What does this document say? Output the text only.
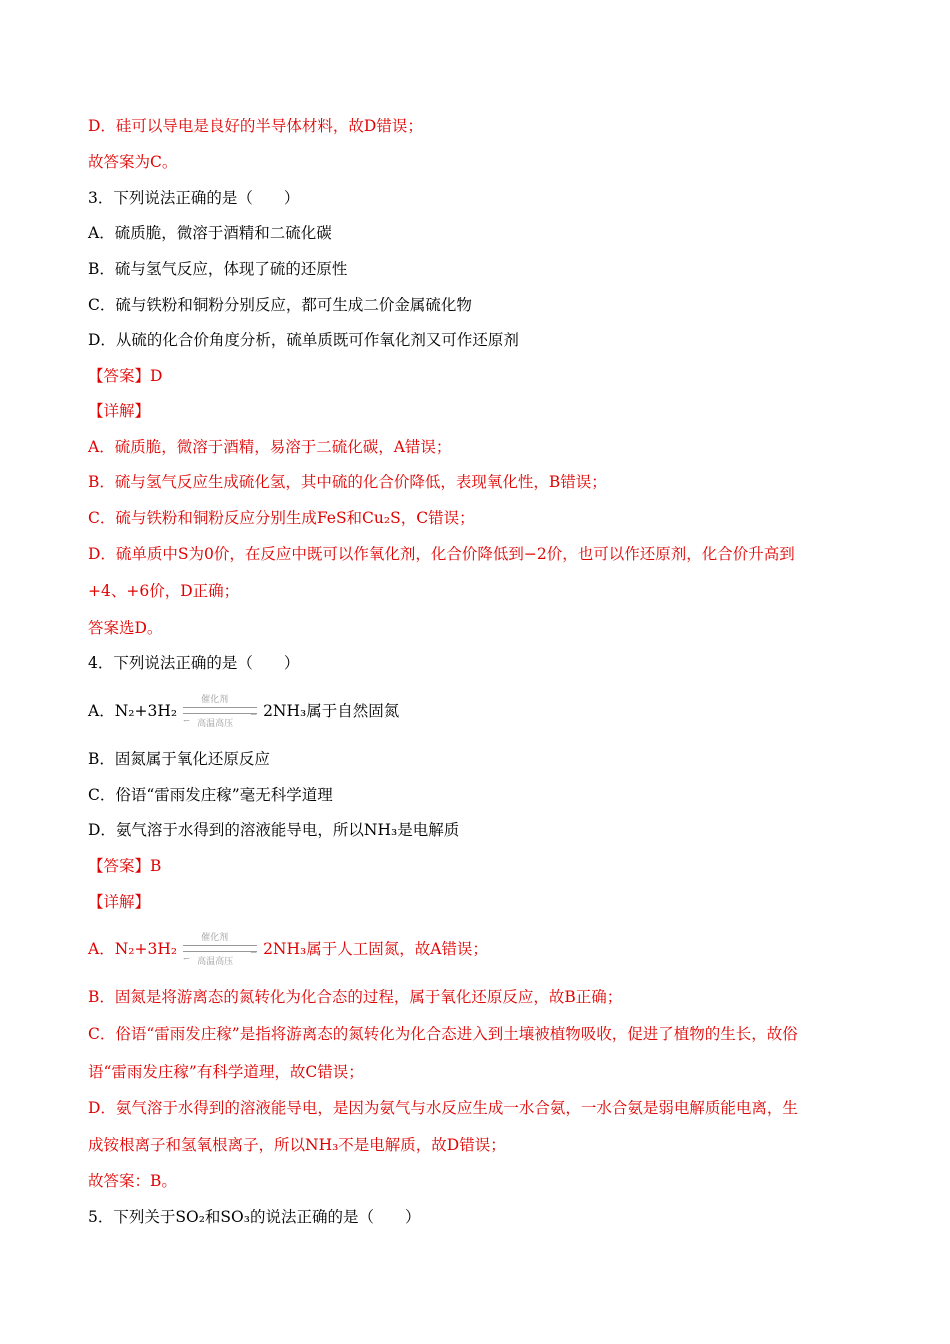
D．硅可以导电是良好的半导体材料，故D错误；
故答案为C。
3．下列说法正确的是（　　）
A．硫质脆，微溶于酒精和二硫化碳
B．硫与氢气反应，体现了硫的还原性
C．硫与铁粉和铜粉分别反应，都可生成二价金属硫化物
D．从硫的化合价角度分析，硫单质既可作氧化剂又可作还原剂
【答案】D
【详解】
A．硫质脆，微溶于酒精，易溶于二硫化碳，A错误；
B．硫与氢气反应生成硫化氢，其中硫的化合价降低，表现氧化性，B错误；
C．硫与铁粉和铜粉反应分别生成FeS和Cu₂S，C错误；
D．硫单质中S为0价，在反应中既可以作氧化剂，化合价降低到−2价，也可以作还原剂，化合价升高到
+4、+6价，D正确；
答案选D。
4．下列说法正确的是（　　）
A．N₂+3H₂
催化剂
⇀
↽ 高温高压
2NH₃属于自然固氮
B．固氮属于氧化还原反应
C．俗语“雷雨发庄稼”毫无科学道理
D．氨气溶于水得到的溶液能导电，所以NH₃是电解质
【答案】B
【详解】
A．N₂+3H₂
催化剂
⇀
↽ 高温高压
2NH₃属于人工固氮，故A错误；
B．固氮是将游离态的氮转化为化合态的过程，属于氧化还原反应，故B正确；
C．俗语“雷雨发庄稼”是指将游离态的氮转化为化合态进入到土壤被植物吸收，促进了植物的生长，故俗
语“雷雨发庄稼”有科学道理，故C错误；
D．氨气溶于水得到的溶液能导电，是因为氨气与水反应生成一水合氨，一水合氨是弱电解质能电离，生
成铵根离子和氢氧根离子，所以NH₃不是电解质，故D错误；
故答案：B。
5．下列关于SO₂和SO₃的说法正确的是（　　）
